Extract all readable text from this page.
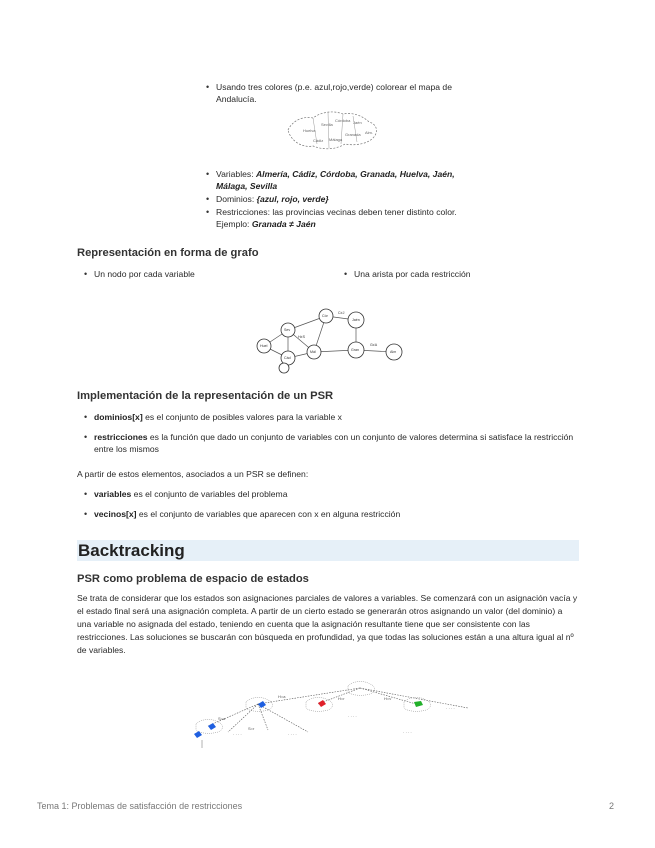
• Usando tres colores (p.e. azul,rojo,verde) colorear el mapa de Andalucía.
Huelva
Sevilla
Córdoba Jaén
Granada Alm.
Cádiz Málaga
• Variables: Almería, Cádiz, Córdoba, Granada, Huelva, Jaén, Málaga, Sevilla
• Dominios: {azul, rojo, verde}
• Restricciones: las provincias vecinas deben tener distinto color. Ejemplo: Granada ≠ Jaén
Representación en forma de grafo
• Un nodo por cada variable
•	Una arista por cada restricción
Huel
Sev
Cád
Cór
Jaén
Mál	Gran	Alm
H≠S
C≠J
G≠A
Implementación de la representación de un PSR
• dominios[x] es el conjunto de posibles valores para la variable x
• restricciones es la función que dado un conjunto de variables con un conjunto de valores determina si satisface la restricción entre los mismos

A partir de estos elementos, asociados a un PSR se definen:

• variables es el conjunto de variables del problema
• vecinos[x] es el conjunto de variables que aparecen con x en alguna restricción
Backtracking
PSR como problema de espacio de estados

Se trata de considerar que los estados son asignaciones parciales de valores a variables. Se comenzará con un asignación vacía y el estado final será una asignación completa. A partir de un cierto estado se generarán otros asignando un valor (del dominio) a una variable no asignada del estado, teniendo en cuenta que la asignación resultante tiene que ser consistente con las restricciones. Las soluciones se buscarán con búsqueda en profundidad, ya que todas las soluciones están a una altura igual al nº de variables.

H=a	H=r	H=v
S=a
S=r
· · · ·	· · · ·
· · · ·
· · · ·
· · · ·
Tema 1: Problemas de satisfacción de restricciones	2
